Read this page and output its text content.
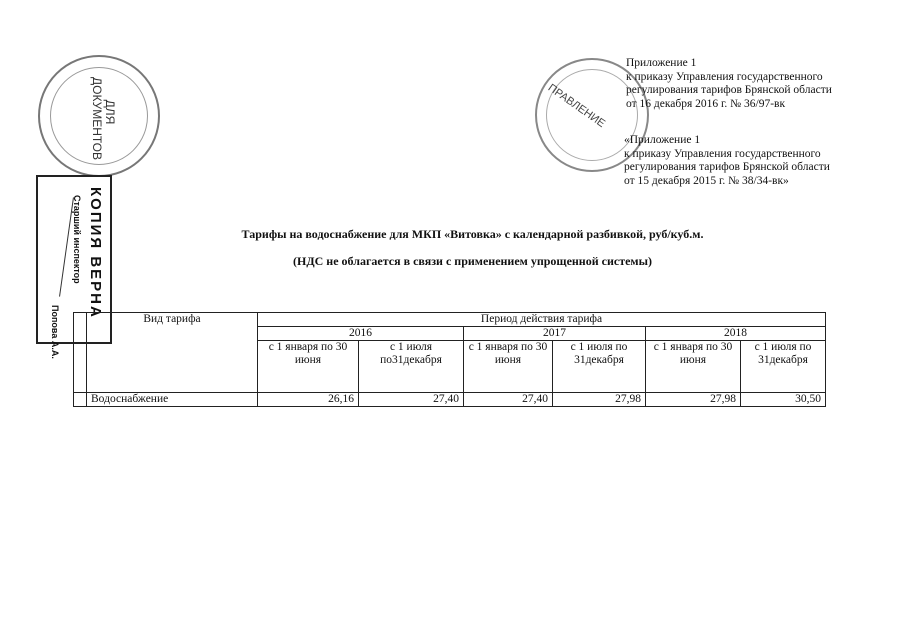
ДЛЯ ДОКУМЕНТОВ	ПРАВЛЕНИЕ
КОПИЯ ВЕРНА
Старший инспектор
Попова А.А.
Приложение 1
к приказу Управления государственного
регулирования тарифов Брянской области
от 16 декабря 2016 г. № 36/97-вк
«Приложение 1
к приказу Управления государственного
регулирования тарифов Брянской области
от 15 декабря 2015 г. № 38/34-вк»
Тарифы на водоснабжение для МКП «Витовка» с календарной разбивкой, руб/куб.м.
(НДС не облагается в связи с применением упрощенной системы)
	Вид тарифа	Период действия тарифа					
		2016		2017		2018	
		с 1 января по 30 июня	с 1 июля по31декабря	с 1 января по 30 июня	с 1 июля по 31декабря	с 1 января по 30 июня	с 1 июля по 31декабря
	Водоснабжение	26,16	27,40	27,40	27,98	27,98	30,50
